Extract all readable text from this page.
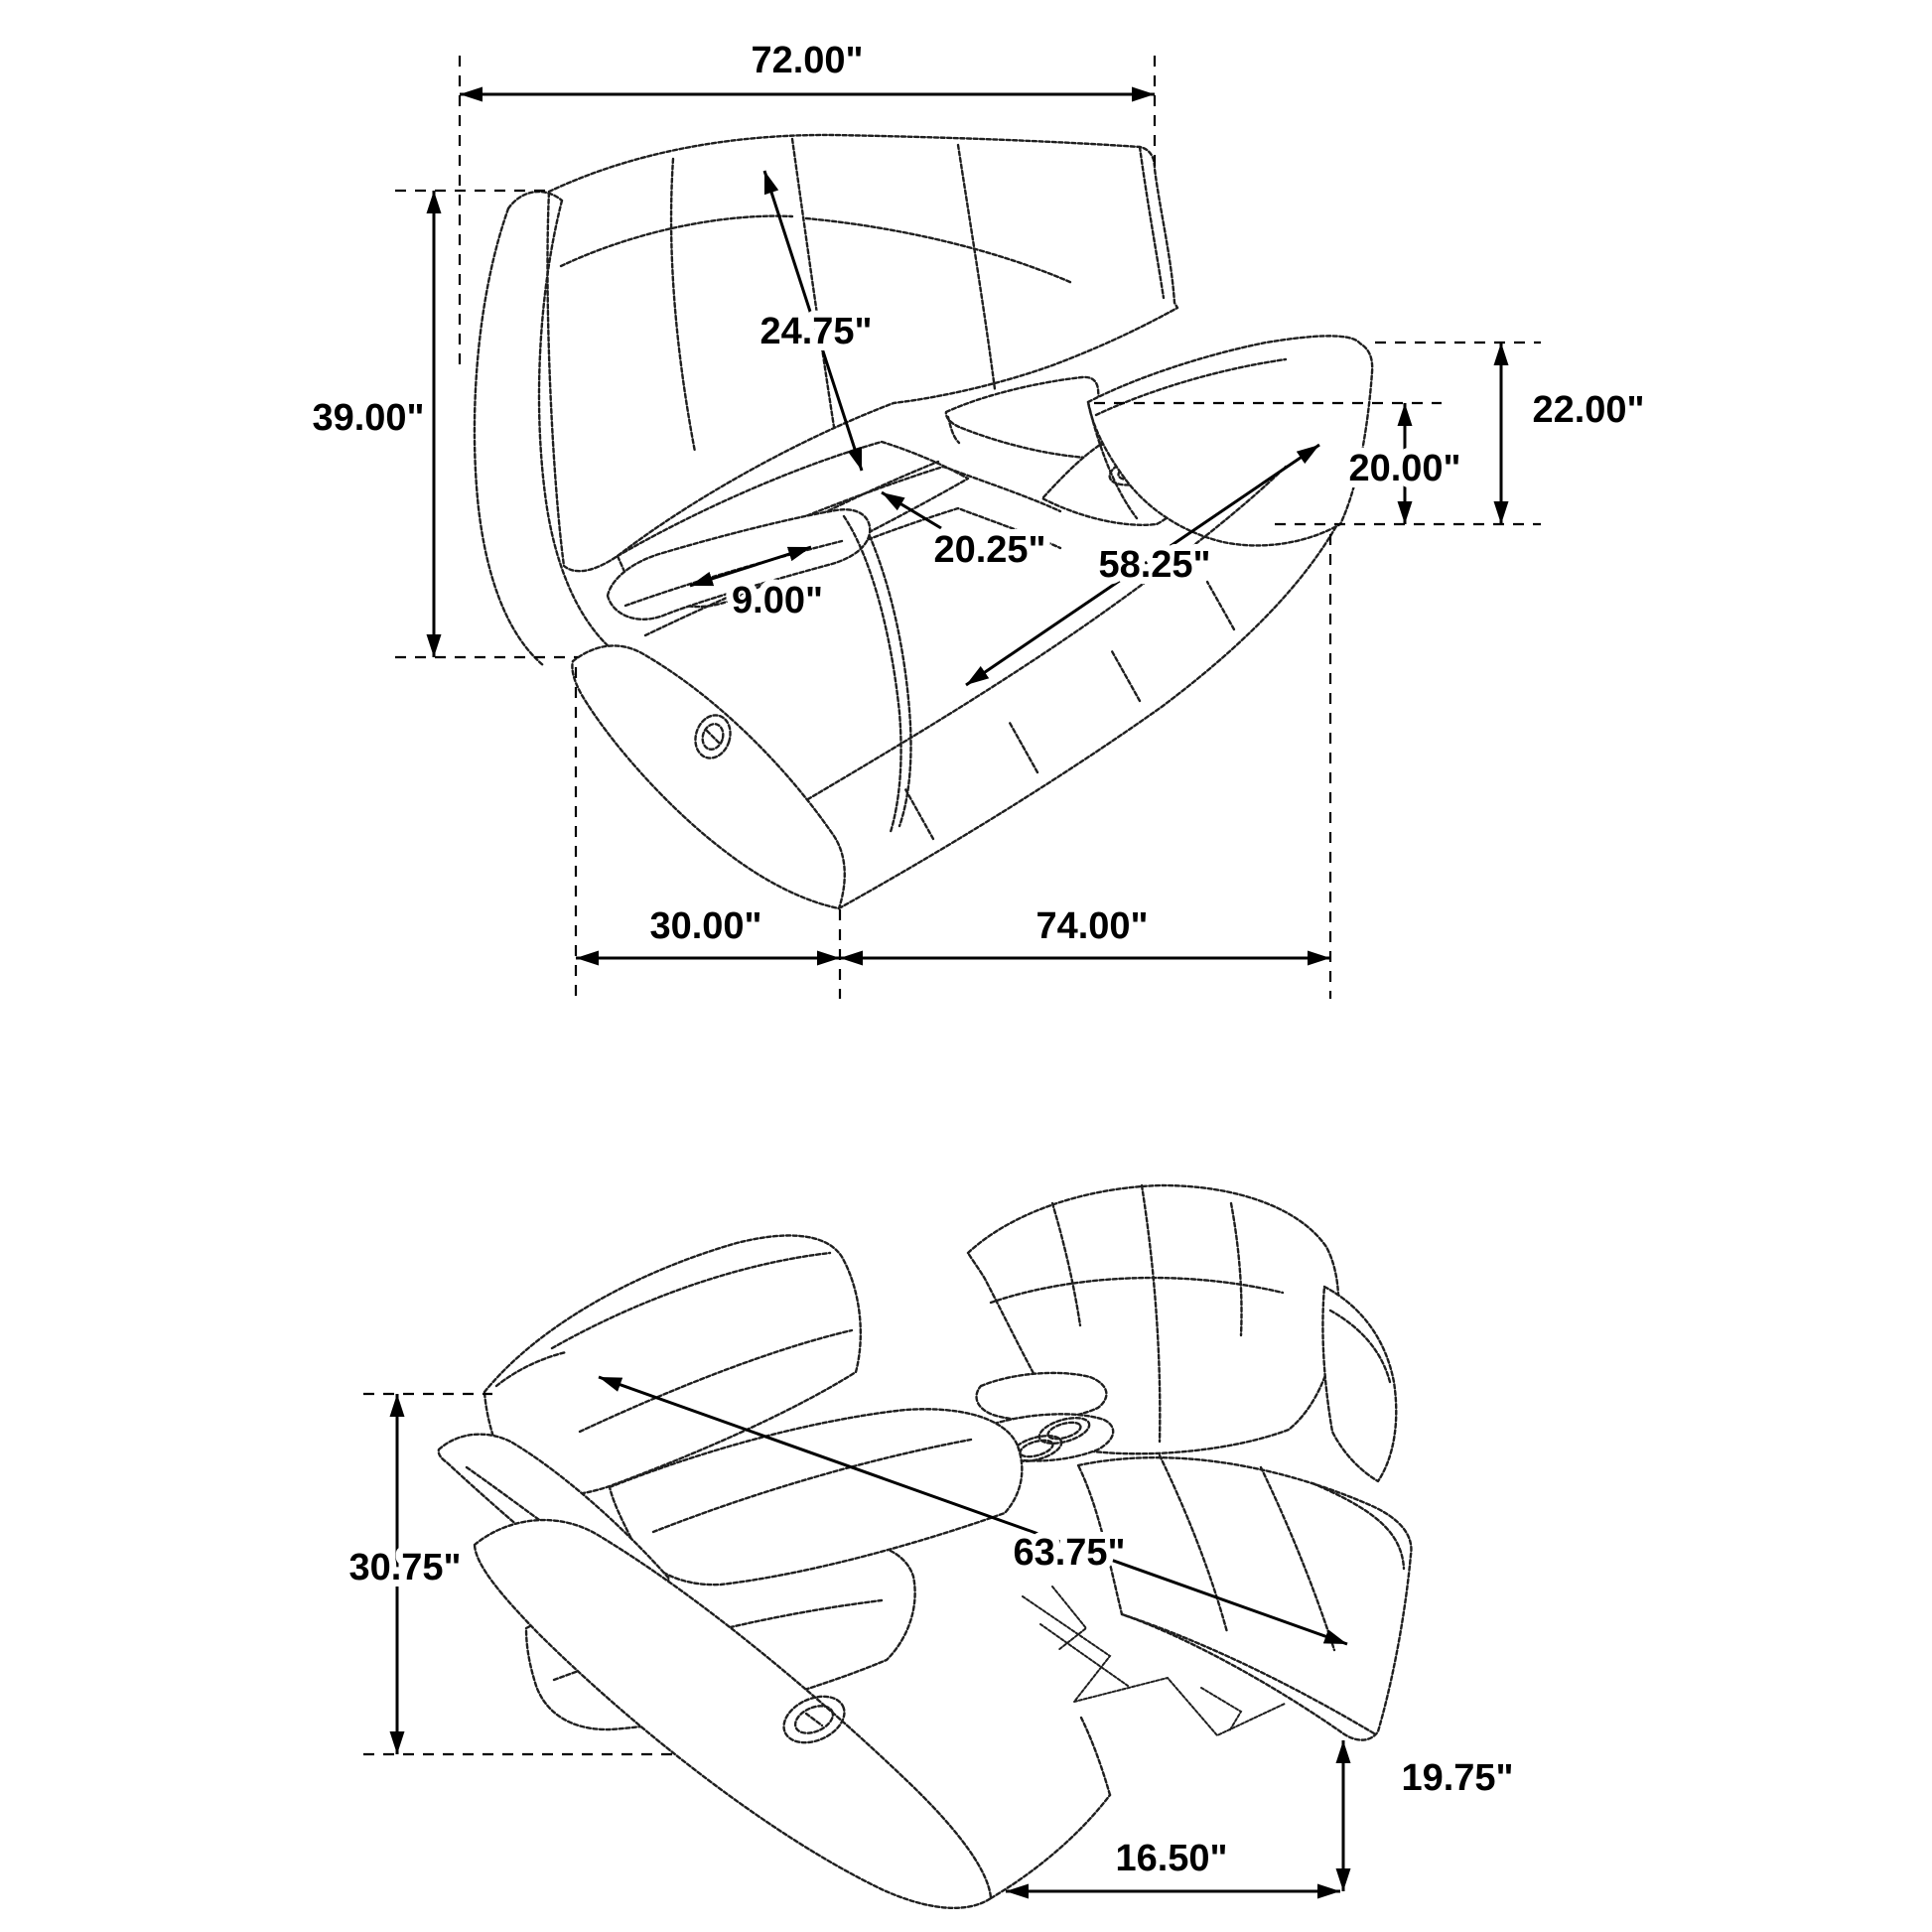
72.00"
39.00"
24.75"
22.00"
20.00"
20.25"
9.00"
58.25"
30.00"	74.00"
30.75"	63.75"
19.75"
16.50"
